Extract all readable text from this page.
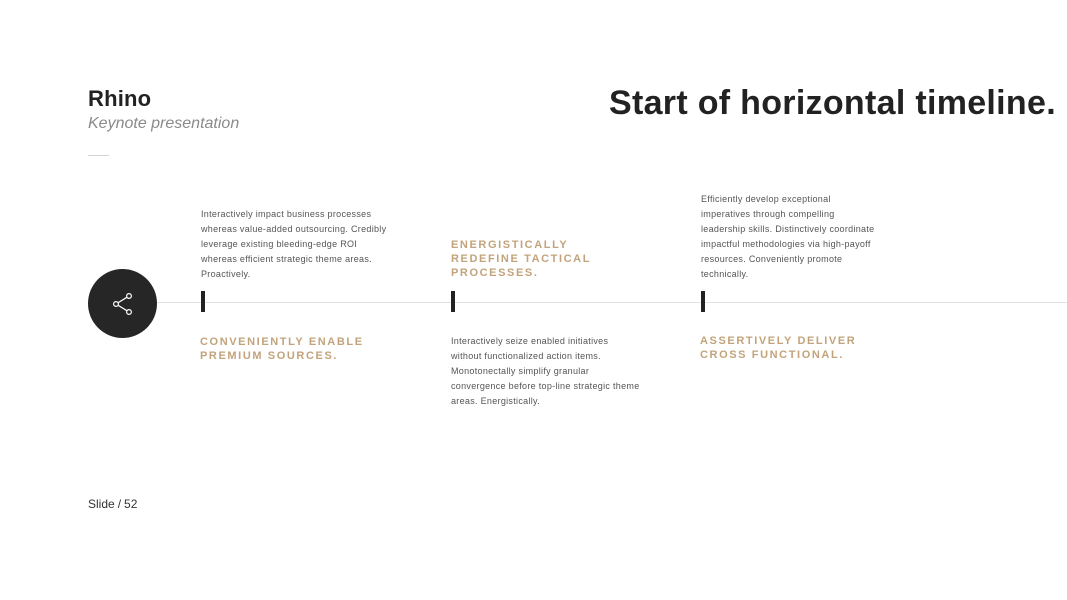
Rhino
Keynote presentation
Start of horizontal timeline.
Interactively impact business processes whereas value-added outsourcing. Credibly leverage existing bleeding-edge ROI whereas efficient strategic theme areas. Proactively.
CONVENIENTLY ENABLE PREMIUM SOURCES.
ENERGISTICALLY REDEFINE TACTICAL PROCESSES.
Interactively seize enabled initiatives without functionalized action items. Monotonectally simplify granular convergence before top-line strategic theme areas. Energistically.
Efficiently develop exceptional imperatives through compelling leadership skills. Distinctively coordinate impactful methodologies via high-payoff resources. Conveniently promote technically.
ASSERTIVELY DELIVER CROSS FUNCTIONAL.
Slide / 52
